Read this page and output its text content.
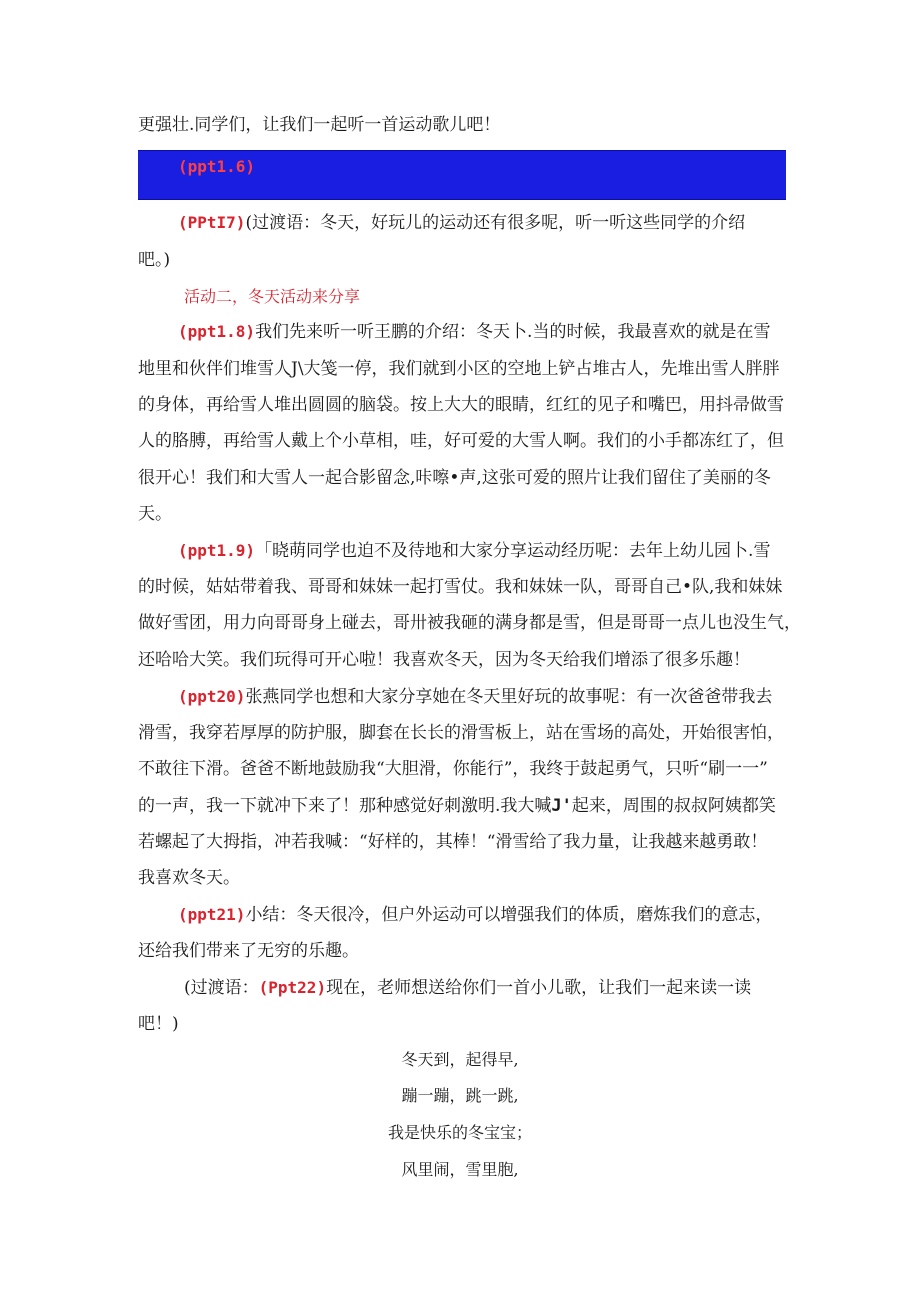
更强壮.同学们，让我们一起听一首运动歌儿吧！
(ppt1.6)
(PPtI7)(过渡语：冬天，好玩儿的运动还有很多呢，听一听这些同学的介绍
吧。)
活动二，冬天活动来分享
(ppt1.8)我们先来听一听王鹏的介绍：冬天卜.当的时候，我最喜欢的就是在雪
地里和伙伴们堆雪人J\大笺一停，我们就到小区的空地上铲占堆古人，先堆出雪人胖胖
的身体，再给雪人堆出圆圆的脑袋。按上大大的眼睛，红红的见子和嘴巴，用抖帚做雪
人的胳膊，再给雪人戴上个小草相，哇，好可爱的大雪人啊。我们的小手都冻红了，但
很开心！我们和大雪人一起合影留念,咔嚓•声,这张可爱的照片让我们留住了美丽的冬
天。
(ppt1.9)「晓萌同学也迫不及待地和大家分享运动经历呢：去年上幼儿园卜.雪
的时候，姑姑带着我、哥哥和妹妹一起打雪仗。我和妹妹一队，哥哥自己•队,我和妹妹
做好雪团，用力向哥哥身上碰去，哥卅被我砸的满身都是雪，但是哥哥一点儿也没生气，
还哈哈大笑。我们玩得可开心啦！我喜欢冬天，因为冬天给我们增添了很多乐趣！
(ppt20)张燕同学也想和大家分享她在冬天里好玩的故事呢：有一次爸爸带我去
滑雪，我穿若厚厚的防护服，脚套在长长的滑雪板上，站在雪场的高处，开始很害怕，
不敢往下滑。爸爸不断地鼓励我“大胆滑，你能行”，我终于鼓起勇气，只听“刷一一”
的一声，我一下就冲下来了！那种感觉好刺激明.我大喊J'起来，周围的叔叔阿姨都笑
若螺起了大拇指，冲若我喊：“好样的，其棒！“滑雪给了我力量，让我越来越勇敢！
我喜欢冬天。
(ppt21)小结：冬天很冷，但户外运动可以增强我们的体质，磨炼我们的意志，
还给我们带来了无穷的乐趣。
(过渡语：(Ppt22)现在，老师想送给你们一首小儿歌，让我们一起来读一读
吧！)
冬天到，起得早,
蹦一蹦，跳一跳,
我是快乐的冬宝宝；
风里闹，雪里胞,
